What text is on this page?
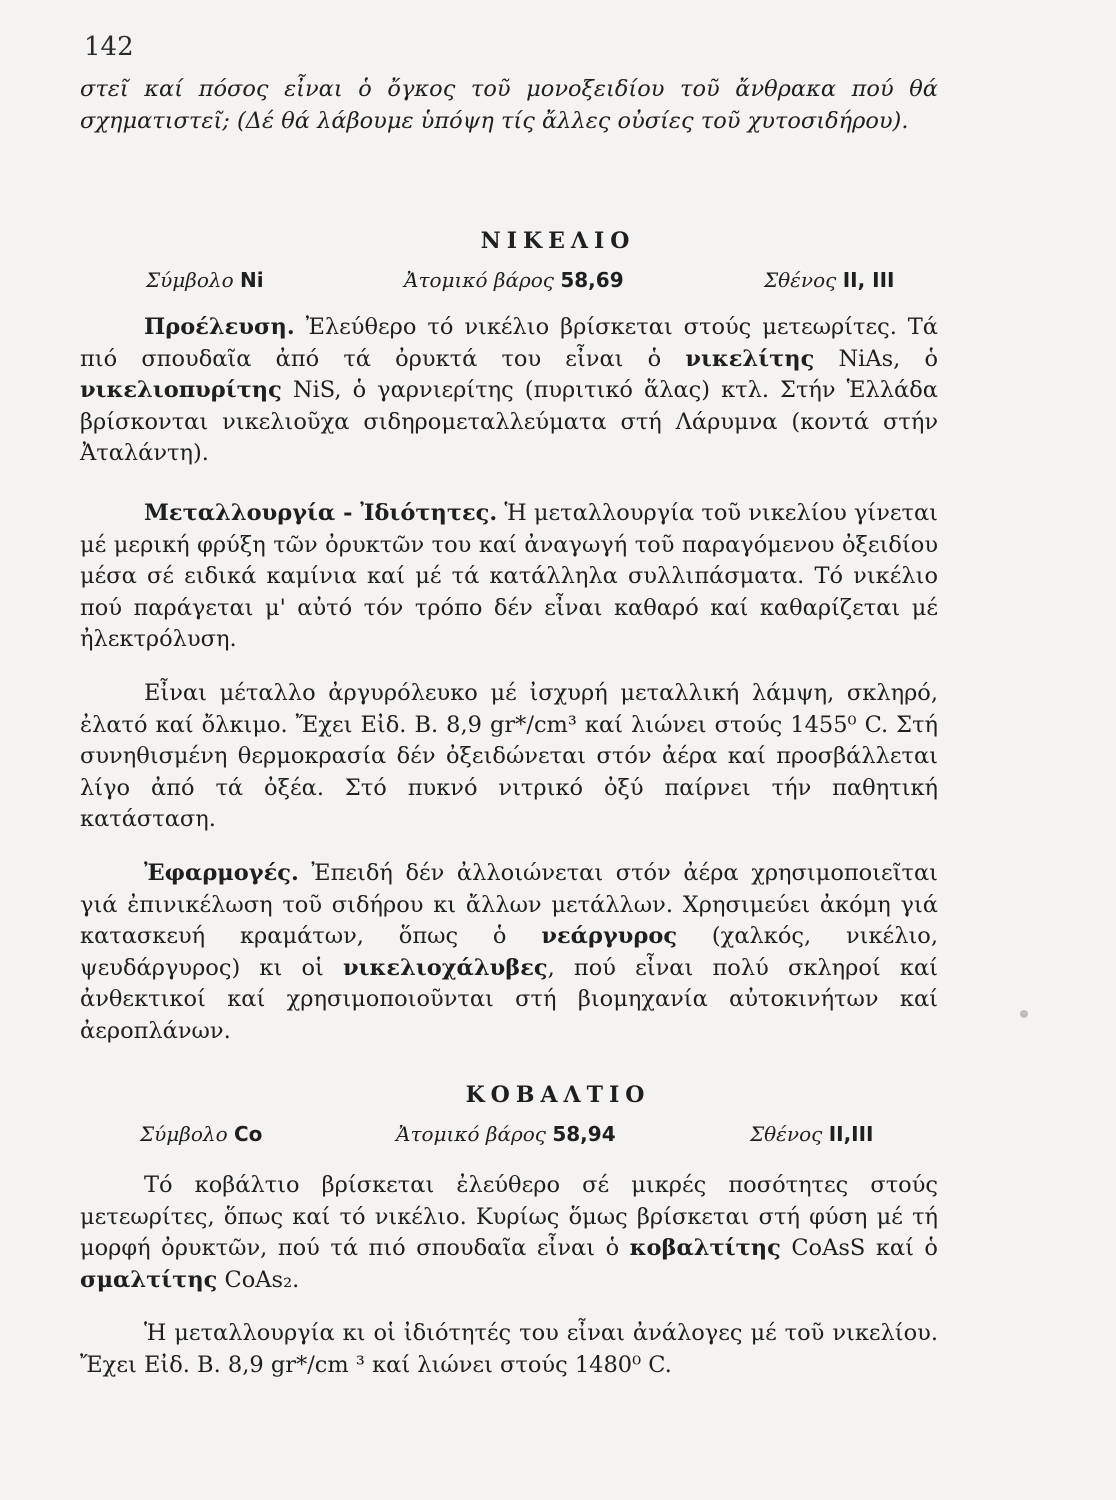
142

στεῖ καί πόσος εἶναι ὁ ὄγκος τοῦ μονοξειδίου τοῦ ἄνθρακα πού θά σχηματιστεῖ; (Δέ θά λάβουμε ὑπόψη τίς ἄλλες οὐσίες τοῦ χυτοσιδήρου).

ΝΙΚΕΛΙΟ
Σύμβολο Ni	Ἀτομικό βάρος 58,69	Σθένος II, III

Προέλευση. Ἐλεύθερο τό νικέλιο βρίσκεται στούς μετεωρίτες. Τά πιό σπουδαῖα ἀπό τά ὀρυκτά του εἶναι ὁ νικελίτης NiAs, ὁ νικελιοπυρίτης NiS, ὁ γαρνιερίτης (πυριτικό ἅλας) κτλ. Στήν Ἑλλάδα βρίσκονται νικελιοῦχα σιδηρομεταλλεύματα στή Λάρυμνα (κοντά στήν Ἀταλάντη).

Μεταλλουργία - Ἰδιότητες. Ἡ μεταλλουργία τοῦ νικελίου γίνεται μέ μερική φρύξη τῶν ὀρυκτῶν του καί ἀναγωγή τοῦ παραγόμενου ὀξειδίου μέσα σέ ειδικά καμίνια καί μέ τά κατάλληλα συλλιπάσματα. Τό νικέλιο πού παράγεται μ' αὐτό τόν τρόπο δέν εἶναι καθαρό καί καθαρίζεται μέ ἠλεκτρόλυση.

Εἶναι μέταλλο ἀργυρόλευκο μέ ἰσχυρή μεταλλική λάμψη, σκληρό, ἐλατό καί ὄλκιμο. Ἔχει Εἰδ. Β. 8,9 gr*/cm³ καί λιώνει στούς 1455⁰ C. Στή συνηθισμένη θερμοκρασία δέν ὀξειδώνεται στόν ἀέρα καί προσβάλλεται λίγο ἀπό τά ὀξέα. Στό πυκνό νιτρικό ὀξύ παίρνει τήν παθητική κατάσταση.

Ἐφαρμογές. Ἐπειδή δέν ἀλλοιώνεται στόν ἀέρα χρησιμοποιεῖται γιά ἐπινικέλωση τοῦ σιδήρου κι ἄλλων μετάλλων. Χρησιμεύει ἀκόμη γιά κατασκευή κραμάτων, ὅπως ὁ νεάργυρος (χαλκός, νικέλιο, ψευδάργυρος) κι οἱ νικελιοχάλυβες, πού εἶναι πολύ σκληροί καί ἀνθεκτικοί καί χρησιμοποιοῦνται στή βιομηχανία αὐτοκινήτων καί ἀεροπλάνων.

ΚΟΒΑΛΤΙΟ
Σύμβολο Co	Ἀτομικό βάρος 58,94	Σθένος II,III

Τό κοβάλτιο βρίσκεται ἐλεύθερο σέ μικρές ποσότητες στούς μετεωρίτες, ὅπως καί τό νικέλιο. Κυρίως ὅμως βρίσκεται στή φύση μέ τή μορφή ὀρυκτῶν, πού τά πιό σπουδαῖα εἶναι ὁ κοβαλτίτης CoAsS καί ὁ σμαλτίτης CoAs₂.

Ἡ μεταλλουργία κι οἱ ἰδιότητές του εἶναι ἀνάλογες μέ τοῦ νικελίου. Ἔχει Εἰδ. Β. 8,9 gr*/cm ³ καί λιώνει στούς 1480⁰ C.
